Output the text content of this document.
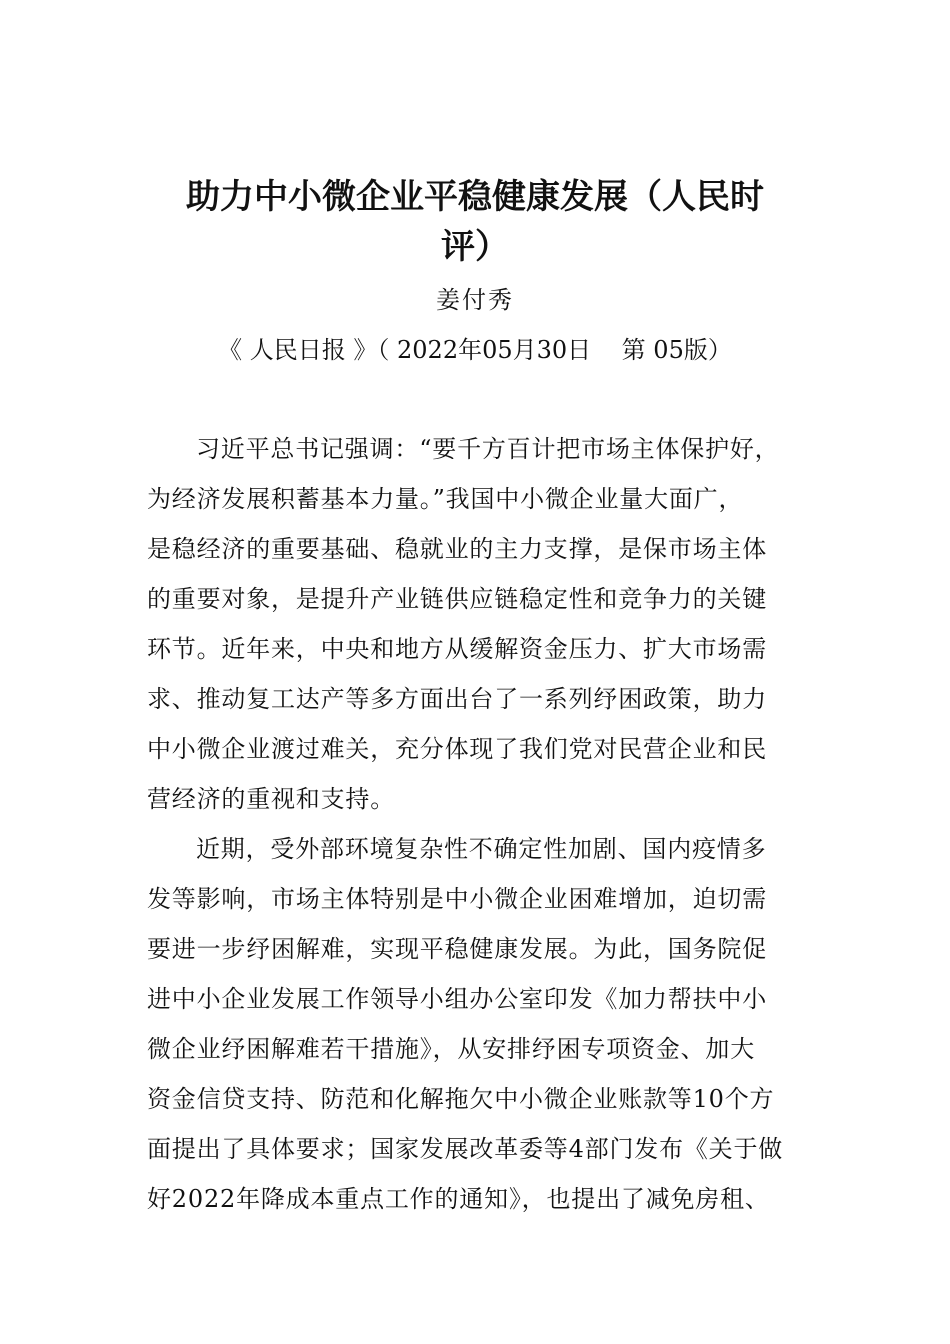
助力中小微企业平稳健康发展（人民时
评）
姜付秀
《 人民日报 》（ 2022年05月30日    第 05版）
习近平总书记强调：“要千方百计把市场主体保护好，
为经济发展积蓄基本力量。”我国中小微企业量大面广，
是稳经济的重要基础、稳就业的主力支撑，是保市场主体
的重要对象，是提升产业链供应链稳定性和竞争力的关键
环节。近年来，中央和地方从缓解资金压力、扩大市场需
求、推动复工达产等多方面出台了一系列纾困政策，助力
中小微企业渡过难关，充分体现了我们党对民营企业和民
营经济的重视和支持。
近期，受外部环境复杂性不确定性加剧、国内疫情多
发等影响，市场主体特别是中小微企业困难增加，迫切需
要进一步纾困解难，实现平稳健康发展。为此，国务院促
进中小企业发展工作领导小组办公室印发《加力帮扶中小
微企业纾困解难若干措施》，从安排纾困专项资金、加大
资金信贷支持、防范和化解拖欠中小微企业账款等10个方
面提出了具体要求；国家发展改革委等4部门发布《关于做
好2022年降成本重点工作的通知》，也提出了减免房租、
